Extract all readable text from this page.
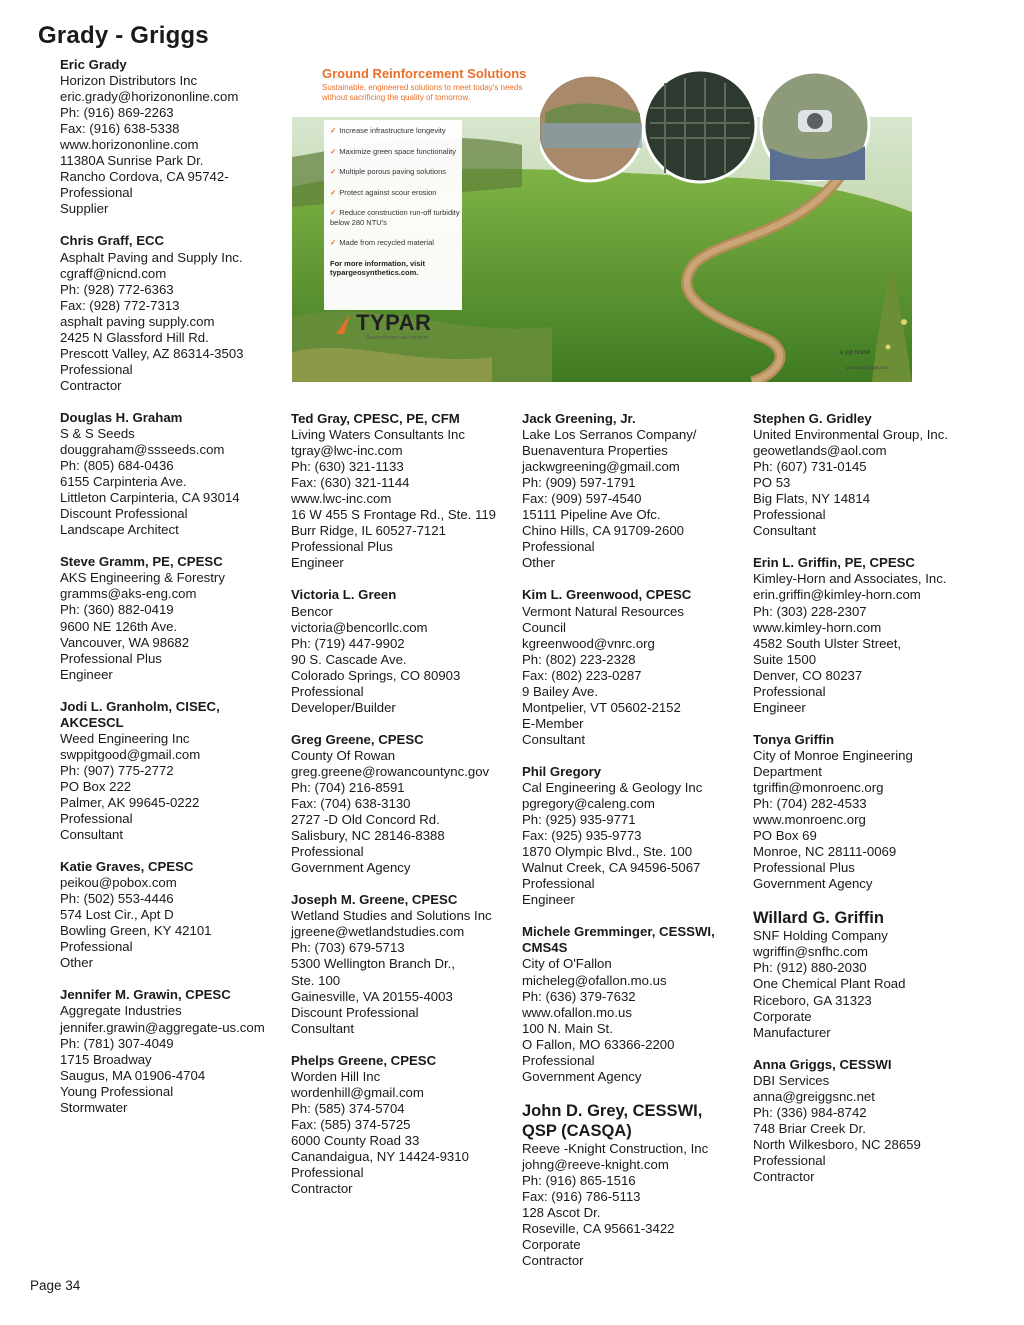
Grady - Griggs
Ground Reinforcement Solutions
Sustainable, engineered solutions to meet today's needs
without sacrificing the quality of tomorrow.
✓ Increase infrastructure longevity
✓ Maximize green space functionality
✓ Multiple porous paving solutions
✓ Protect against scour erosion
✓ Reduce construction run-off turbidity below 280 NTU's
✓ Made from recycled material
For more information, visit
typargeosynthetics.com.
TYPAR
Geosynthetics you can trust
a pgi brand
geo.sales@pgiw.com
Eric Grady
Horizon Distributors Inc
eric.grady@horizononline.com
Ph: (916) 869-2263
Fax: (916) 638-5338
www.horizononline.com
11380A Sunrise Park Dr.
Rancho Cordova, CA 95742-
Professional
Supplier
Chris Graff, ECC
Asphalt Paving and Supply Inc.
cgraff@nicnd.com
Ph: (928) 772-6363
Fax: (928) 772-7313
asphalt paving supply.com
2425 N Glassford Hill Rd.
Prescott Valley, AZ 86314-3503
Professional
Contractor
Douglas H. Graham
S & S Seeds
douggraham@ssseeds.com
Ph: (805) 684-0436
6155 Carpinteria Ave.
Littleton Carpinteria, CA 93014
Discount Professional
Landscape Architect
Steve Gramm, PE, CPESC
AKS Engineering & Forestry
gramms@aks-eng.com
Ph: (360) 882-0419
9600 NE 126th Ave.
Vancouver, WA 98682
Professional Plus
Engineer
Jodi L. Granholm, CISEC,
AKCESCL
Weed Engineering Inc
swppitgood@gmail.com
Ph: (907) 775-2772
PO Box 222
Palmer, AK 99645-0222
Professional
Consultant
Katie Graves, CPESC
peikou@pobox.com
Ph: (502) 553-4446
574 Lost Cir., Apt D
Bowling Green, KY 42101
Professional
Other
Jennifer M. Grawin, CPESC
Aggregate Industries
jennifer.grawin@aggregate-us.com
Ph: (781) 307-4049
1715 Broadway
Saugus, MA 01906-4704
Young Professional
Stormwater
Ted Gray, CPESC, PE, CFM
Living Waters Consultants Inc
tgray@lwc-inc.com
Ph: (630) 321-1133
Fax: (630) 321-1144
www.lwc-inc.com
16 W 455 S Frontage Rd., Ste. 119
Burr Ridge, IL 60527-7121
Professional Plus
Engineer
Victoria L. Green
Bencor
victoria@bencorllc.com
Ph: (719) 447-9902
90 S. Cascade Ave.
Colorado Springs, CO 80903
Professional
Developer/Builder
Greg Greene, CPESC
County Of Rowan
greg.greene@rowancountync.gov
Ph: (704) 216-8591
Fax: (704) 638-3130
2727 -D Old Concord Rd.
Salisbury, NC 28146-8388
Professional
Government Agency
Joseph M. Greene, CPESC
Wetland Studies and Solutions Inc
jgreene@wetlandstudies.com
Ph: (703) 679-5713
5300 Wellington Branch Dr.,
Ste. 100
Gainesville, VA 20155-4003
Discount Professional
Consultant
Phelps Greene, CPESC
Worden Hill Inc
wordenhill@gmail.com
Ph: (585) 374-5704
Fax: (585) 374-5725
6000 County Road 33
Canandaigua, NY 14424-9310
Professional
Contractor
Jack Greening, Jr.
Lake Los Serranos Company/
Buenaventura Properties
jackwgreening@gmail.com
Ph: (909) 597-1791
Fax: (909) 597-4540
15111 Pipeline Ave Ofc.
Chino Hills, CA 91709-2600
Professional
Other
Kim L. Greenwood, CPESC
Vermont Natural Resources
Council
kgreenwood@vnrc.org
Ph: (802) 223-2328
Fax: (802) 223-0287
9 Bailey Ave.
Montpelier, VT 05602-2152
E-Member
Consultant
Phil Gregory
Cal Engineering & Geology Inc
pgregory@caleng.com
Ph: (925) 935-9771
Fax: (925) 935-9773
1870 Olympic Blvd., Ste. 100
Walnut Creek, CA 94596-5067
Professional
Engineer
Michele Gremminger, CESSWI,
CMS4S
City of O'Fallon
micheleg@ofallon.mo.us
Ph: (636) 379-7632
www.ofallon.mo.us
100 N. Main St.
O Fallon, MO 63366-2200
Professional
Government Agency
John D. Grey, CESSWI,
QSP (CASQA)
Reeve -Knight Construction, Inc
johng@reeve-knight.com
Ph: (916) 865-1516
Fax: (916) 786-5113
128 Ascot Dr.
Roseville, CA 95661-3422
Corporate
Contractor
Stephen G. Gridley
United Environmental Group, Inc.
geowetlands@aol.com
Ph: (607) 731-0145
PO 53
Big Flats, NY 14814
Professional
Consultant
Erin L. Griffin, PE, CPESC
Kimley-Horn and Associates, Inc.
erin.griffin@kimley-horn.com
Ph: (303) 228-2307
www.kimley-horn.com
4582 South Ulster Street,
Suite 1500
Denver, CO 80237
Professional
Engineer
Tonya Griffin
City of Monroe Engineering
Department
tgriffin@monroenc.org
Ph: (704) 282-4533
www.monroenc.org
PO Box 69
Monroe, NC 28111-0069
Professional Plus
Government Agency
Willard G. Griffin
SNF Holding Company
wgriffin@snfhc.com
Ph: (912) 880-2030
One Chemical Plant Road
Riceboro, GA 31323
Corporate
Manufacturer
Anna Griggs, CESSWI
DBI Services
anna@greiggsnc.net
Ph: (336) 984-8742
748 Briar Creek Dr.
North Wilkesboro, NC 28659
Professional
Contractor
Page 34
